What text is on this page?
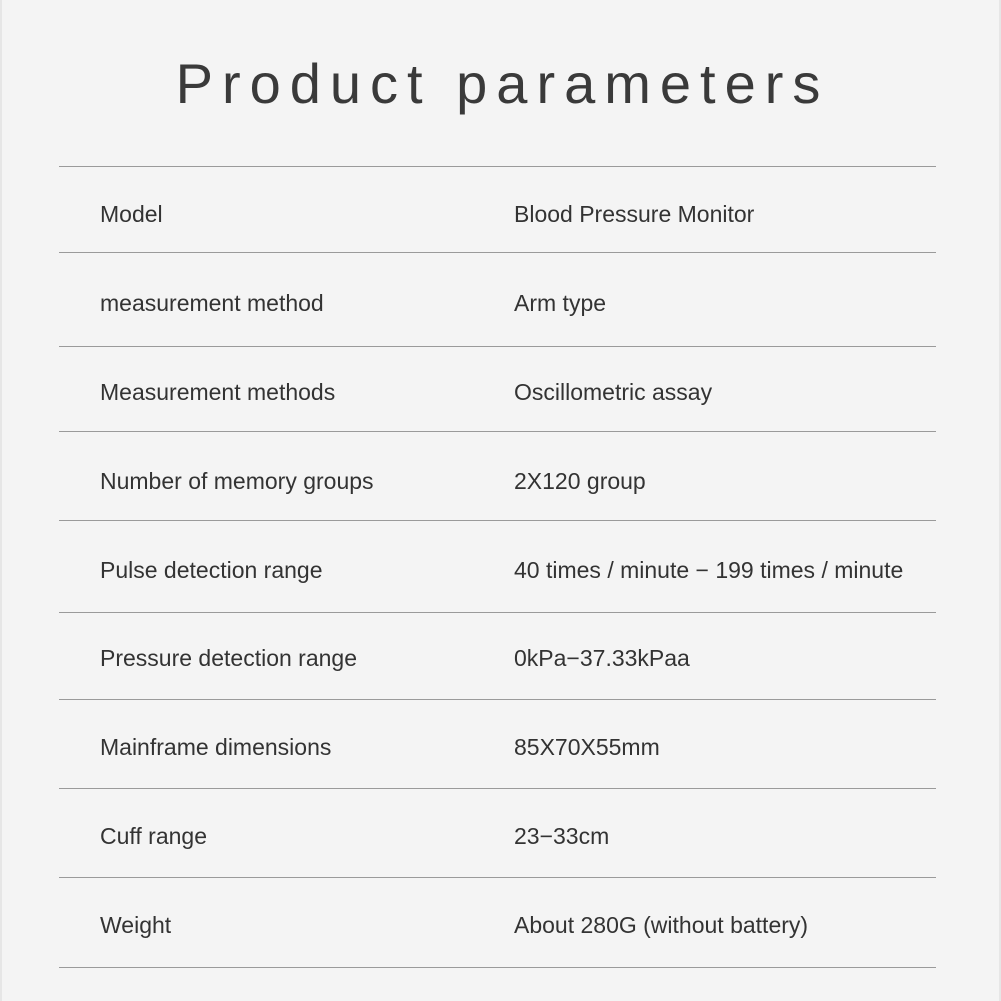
Product parameters
Model	Blood Pressure Monitor
measurement method	Arm type
Measurement methods	Oscillometric assay
Number of memory groups	2X120 group
Pulse detection range	40 times / minute − 199 times / minute
Pressure detection range	0kPa−37.33kPaa
Mainframe dimensions	85X70X55mm
Cuff range	23−33cm
Weight	About 280G (without battery)
